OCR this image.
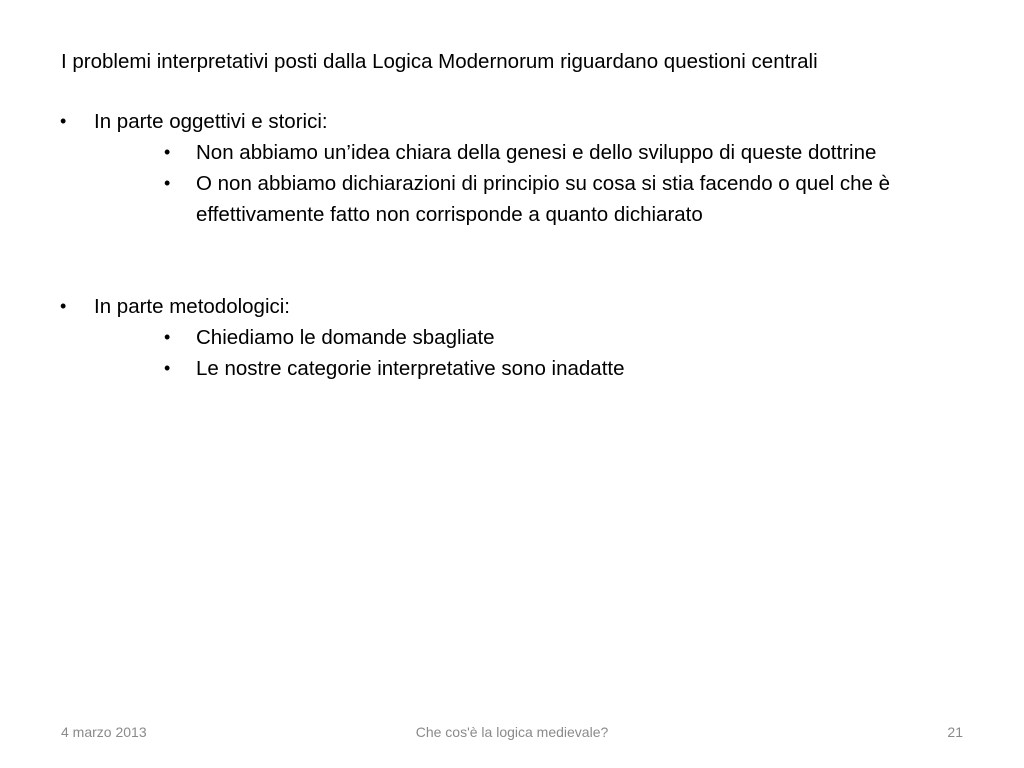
I problemi interpretativi posti dalla Logica Modernorum riguardano questioni centrali

•	In parte oggettivi e storici:
•	Non abbiamo un’idea chiara della genesi e dello sviluppo di queste dottrine
•	O non abbiamo dichiarazioni di principio su cosa si stia facendo o quel che è effettivamente fatto non corrisponde a quanto dichiarato
•	In parte metodologici:
•	Chiediamo le domande sbagliate
•	Le nostre categorie interpretative sono inadatte
4 marzo 2013	Che cos'è la logica medievale?	21
